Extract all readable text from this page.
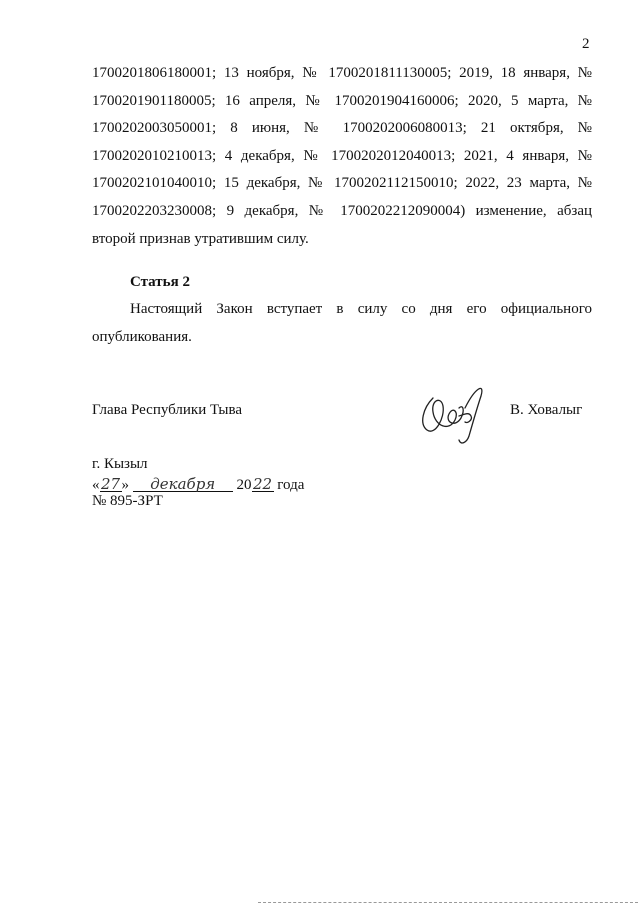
2
1700201806180001; 13 ноября, № 1700201811130005; 2019, 18 января, №
1700201901180005; 16 апреля, № 1700201904160006; 2020, 5 марта, №
1700202003050001; 8 июня, № 1700202006080013; 21 октября, №
1700202010210013; 4 декабря, № 1700202012040013; 2021, 4 января, №
1700202101040010; 15 декабря, № 1700202112150010; 2022, 23 марта, №
1700202203230008; 9 декабря, № 1700202212090004) изменение, абзац
второй признав утратившим силу.
Статья 2
Настоящий Закон вступает в силу со дня его официального
опубликования.
Глава Республики Тыва	В. Ховалыг
г. Кызыл
«27» декабря 2022 года
№ 895-ЗРТ
